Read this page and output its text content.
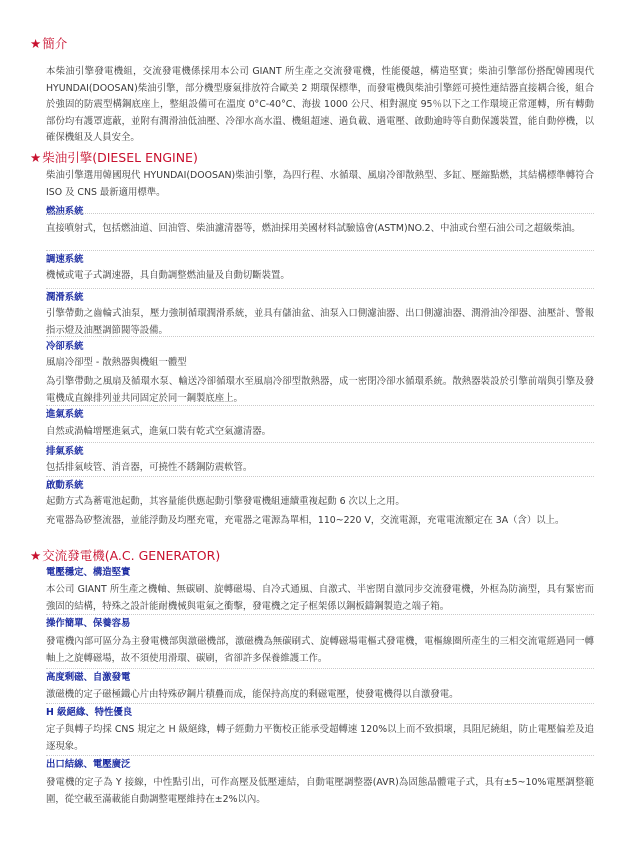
★簡介
本柴油引擎發電機組，交流發電機係採用本公司 GIANT 所生產之交流發電機，性能優越，構造堅實；柴油引擎部份搭配韓國現代 HYUNDAI(DOOSAN)柴油引擎，部分機型廢氣排放符合歐美 2 期環保標準，而發電機與柴油引擎經可撓性連結器直接耦合後，組合於強固的防震型構鋼底座上，整組設備可在溫度 0°C-40°C、海拔 1000 公尺、相對濕度 95％以下之工作環境正常運轉，所有轉動部份均有護罩遮蔽，並附有潤滑油低油壓、冷卻水高水溫、機組超速、過負載、過電壓、啟動逾時等自動保護裝置，能自動停機，以確保機組及人員安全。
★柴油引擎(DIESEL ENGINE)
柴油引擎選用韓國現代 HYUNDAI(DOOSAN)柴油引擎，為四行程、水循環、風扇冷卻散熱型、多缸、壓縮點燃，其結構標準轉符合 ISO 及 CNS 最新適用標準。
燃油系統
直接噴射式，包括燃油道、回油管、柴油濾清器等，燃油採用美國材料試驗協會(ASTM)NO.2、中油或台塑石油公司之超級柴油。
調速系統
機械或電子式調速器，具自動調整燃油量及自動切斷裝置。
潤滑系統
引擎帶動之齒輪式油泵，壓力強制循環潤滑系統，並具有儲油盆、油泵入口側濾油器、出口側濾油器、潤滑油冷卻器、油壓計、警報指示燈及油壓調節閥等設備。
冷卻系統
風扇冷卻型 - 散熱器與機組一體型
為引擎帶動之風扇及循環水泵、輸送冷卻循環水至風扇冷卻型散熱器，成一密閉冷卻水循環系統。散熱器裝設於引擎前端與引擎及發電機成直線排列並共同固定於同一鋼製底座上。
進氣系統
自然或渦輪增壓進氣式，進氣口裝有乾式空氣濾清器。
排氣系統
包括排氣岐管、消音器，可撓性不銹鋼防震軟管。
啟動系統
起動方式為蓄電池起動，其容量能供應起動引擎發電機組連續重複起動 6 次以上之用。
充電器為矽整流器，並能浮動及均壓充電，充電器之電源為單相，110~220 V，交流電源，充電電流額定在 3A（含）以上。
★交流發電機(A.C. GENERATOR)
電壓穩定、構造堅實
本公司 GIANT 所生產之機軸、無碳刷、旋轉磁場、自冷式通風、自激式、半密閉自激同步交流發電機，外框為防滴型，具有緊密而強固的結構，特殊之設計能耐機械與電氣之衝擊，發電機之定子框架係以鋼板鑄鋼製造之端子箱。
操作簡單、保養容易
發電機內部可區分為主發電機部與激磁機部，激磁機為無碳刷式、旋轉磁場電樞式發電機，電樞線圈所產生的三相交流電經過同一轉軸上之旋轉磁場，故不須使用滑環、碳刷，省卻許多保養維護工作。
高度剩磁、自激發電
激磁機的定子磁極鐵心片由特殊矽鋼片積疊而成，能保持高度的剩磁電壓，使發電機得以自激發電。
H 級絕緣、特性優良
定子與轉子均採 CNS 規定之 H 級絕緣，轉子經動力平衡校正能承受超轉速 120%以上而不致損壞，具阻尼繞組，防止電壓偏差及追逐現象。
出口結線、電壓廣泛
發電機的定子為 Y 接線，中性點引出，可作高壓及低壓連結，自動電壓調整器(AVR)為固態晶體電子式，具有±5~10%電壓調整範圍，從空載至滿載能自動調整電壓維持在±2%以內。
